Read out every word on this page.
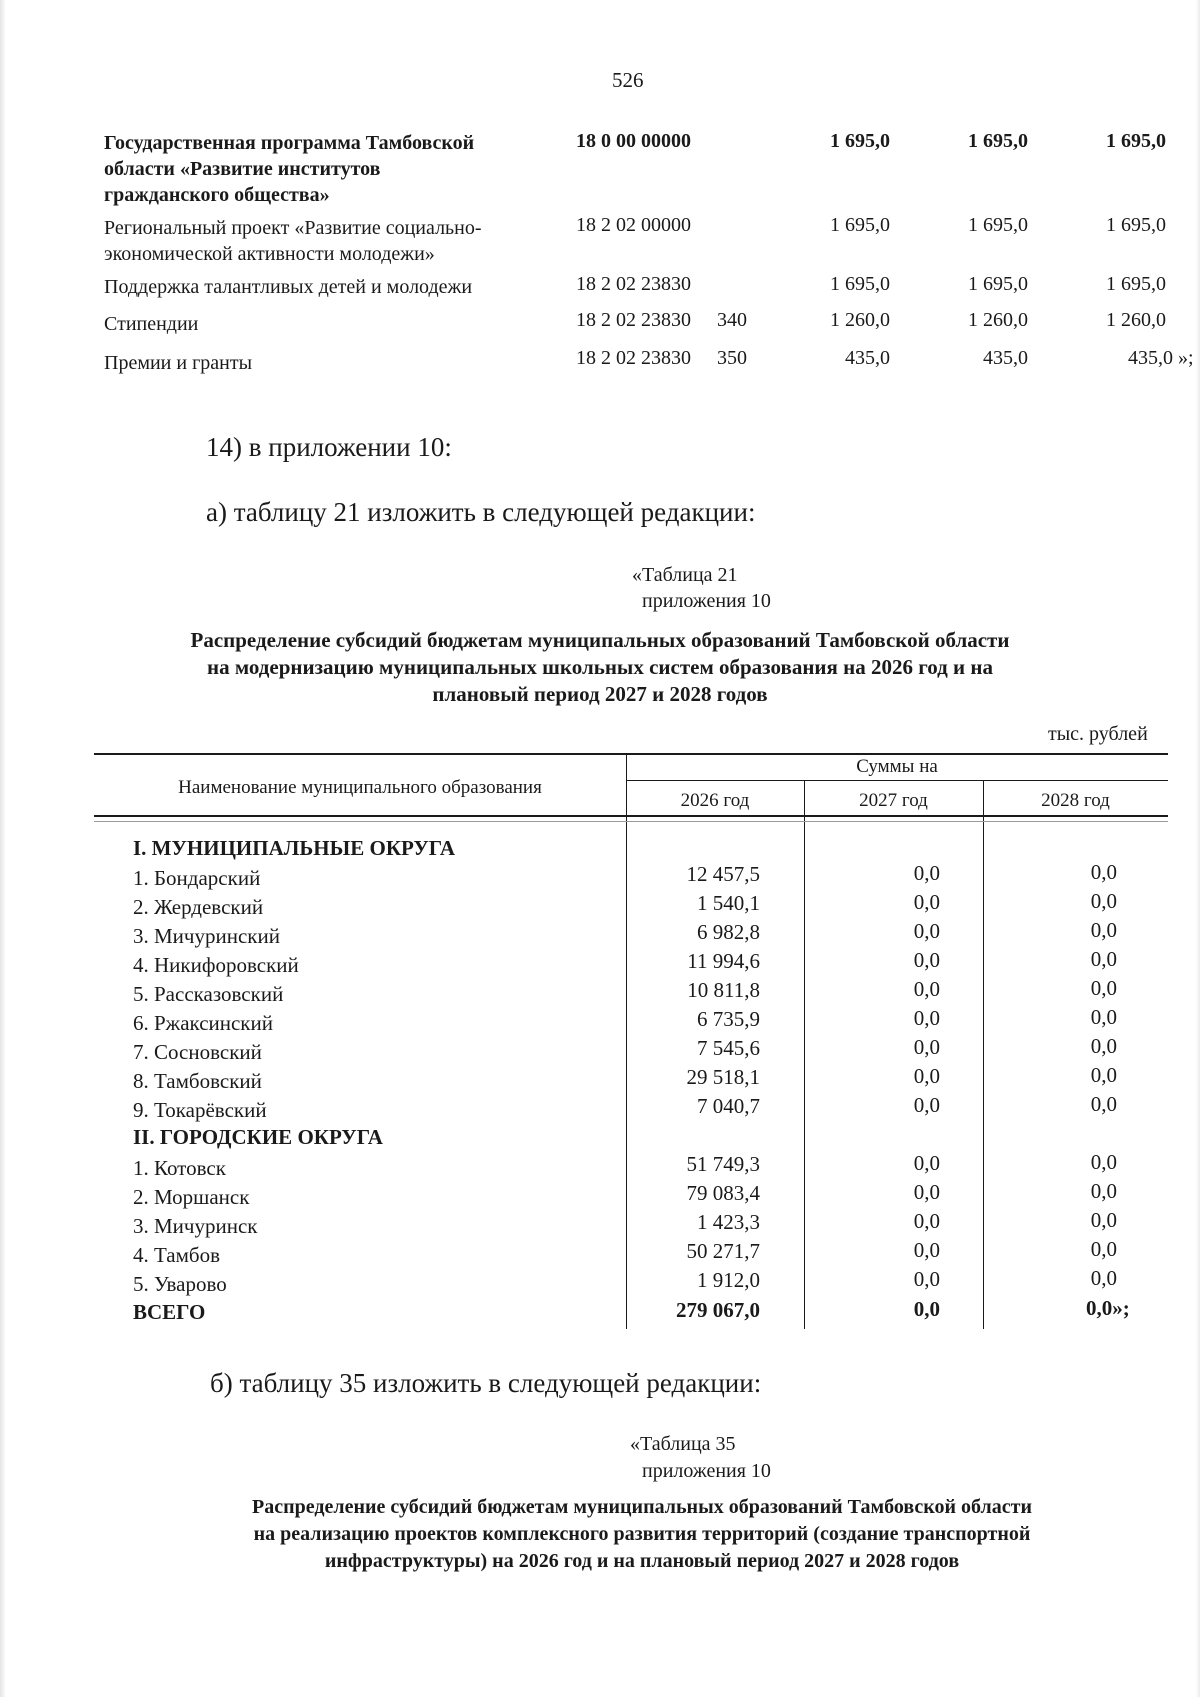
526
Государственная программа Тамбовской
области «Развитие институтов
гражданского общества»
18 0 00 00000	1 695,0	1 695,0	1 695,0
Региональный проект «Развитие социально-
экономической активности молодежи»
18 2 02 00000	1 695,0	1 695,0	1 695,0
Поддержка талантливых детей и молодежи	18 2 02 23830	1 695,0	1 695,0	1 695,0
Стипендии	18 2 02 23830 340	1 260,0	1 260,0	1 260,0
Премии и гранты	18 2 02 23830 350	435,0	435,0	435,0 »;
14) в приложении 10:
а) таблицу 21 изложить в следующей редакции:
«Таблица 21
приложения 10
Распределение субсидий бюджетам муниципальных образований Тамбовской области
на модернизацию муниципальных школьных систем образования на 2026 год и на
плановый период 2027 и 2028 годов
тыс. рублей
Наименование муниципального образования
Суммы на
2026 год	2027 год	2028 год
I. МУНИЦИПАЛЬНЫЕ ОКРУГА
1. Бондарский	12 457,5	0,0	0,0
2. Жердевский	1 540,1	0,0	0,0
3. Мичуринский	6 982,8	0,0	0,0
4. Никифоровский	11 994,6	0,0	0,0
5. Рассказовский	10 811,8	0,0	0,0
6. Ржаксинский	6 735,9	0,0	0,0
7. Сосновский	7 545,6	0,0	0,0
8. Тамбовский	29 518,1	0,0	0,0
9. Токарёвский	7 040,7	0,0	0,0
II. ГОРОДСКИЕ ОКРУГА
1. Котовск	51 749,3	0,0	0,0
2. Моршанск	79 083,4	0,0	0,0
3. Мичуринск	1 423,3	0,0	0,0
4. Тамбов	50 271,7	0,0	0,0
5. Уварово	1 912,0	0,0	0,0
ВСЕГО	279 067,0	0,0	0,0»;
б) таблицу 35 изложить в следующей редакции:
«Таблица 35
приложения 10
Распределение субсидий бюджетам муниципальных образований Тамбовской области
на реализацию проектов комплексного развития территорий (создание транспортной
инфраструктуры) на 2026 год и на плановый период 2027 и 2028 годов
